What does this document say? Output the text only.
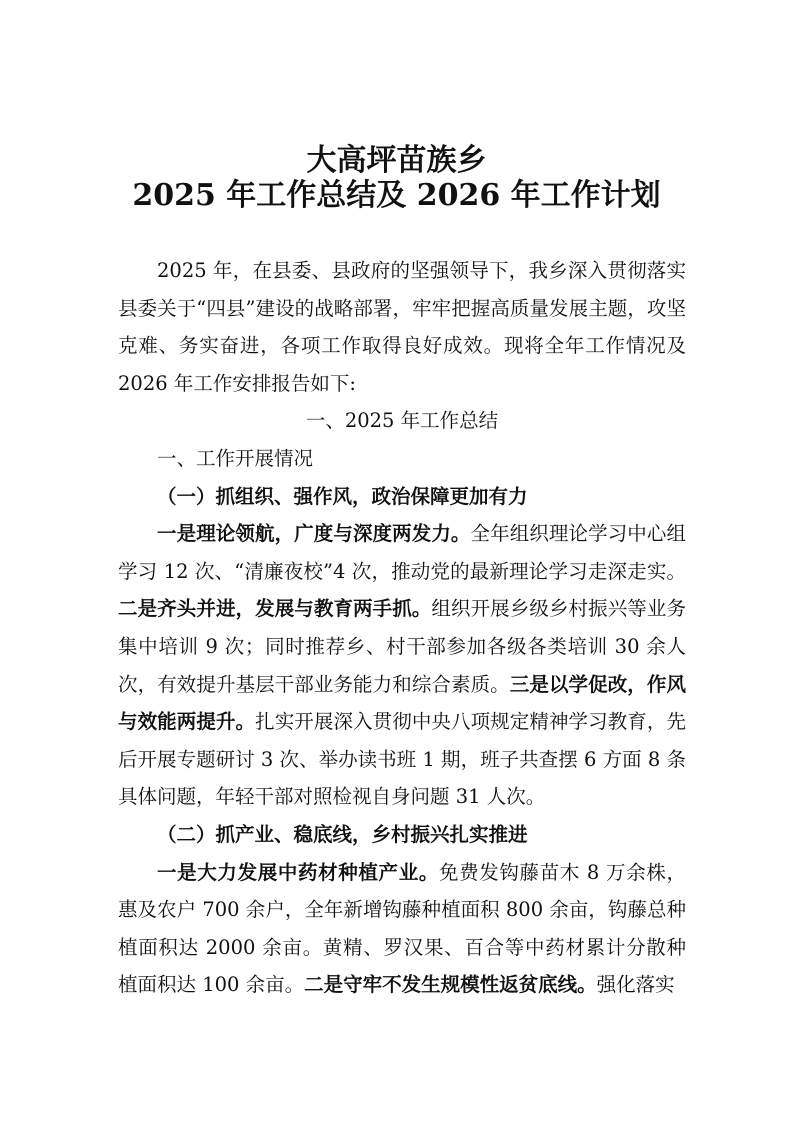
大高坪苗族乡
2025 年工作总结及 2026 年工作计划

2025 年，在县委、县政府的坚强领导下，我乡深入贯彻落实县委关于“四县”建设的战略部署，牢牢把握高质量发展主题，攻坚克难、务实奋进，各项工作取得良好成效。现将全年工作情况及 2026 年工作安排报告如下:

一、2025 年工作总结

一、工作开展情况

（一）抓组织、强作风，政治保障更加有力

一是理论领航，广度与深度两发力。全年组织理论学习中心组学习 12 次、“清廉夜校”4 次，推动党的最新理论学习走深走实。二是齐头并进，发展与教育两手抓。组织开展乡级乡村振兴等业务集中培训 9 次；同时推荐乡、村干部参加各级各类培训 30 余人次，有效提升基层干部业务能力和综合素质。三是以学促改，作风与效能两提升。扎实开展深入贯彻中央八项规定精神学习教育，先后开展专题研讨 3 次、举办读书班 1 期，班子共查摆 6 方面 8 条具体问题，年轻干部对照检视自身问题 31 人次。

（二）抓产业、稳底线，乡村振兴扎实推进

一是大力发展中药材种植产业。免费发钩藤苗木 8 万余株，惠及农户 700 余户，全年新增钩藤种植面积 800 余亩，钩藤总种植面积达 2000 余亩。黄精、罗汉果、百合等中药材累计分散种植面积达 100 余亩。二是守牢不发生规模性返贫底线。强化落实
